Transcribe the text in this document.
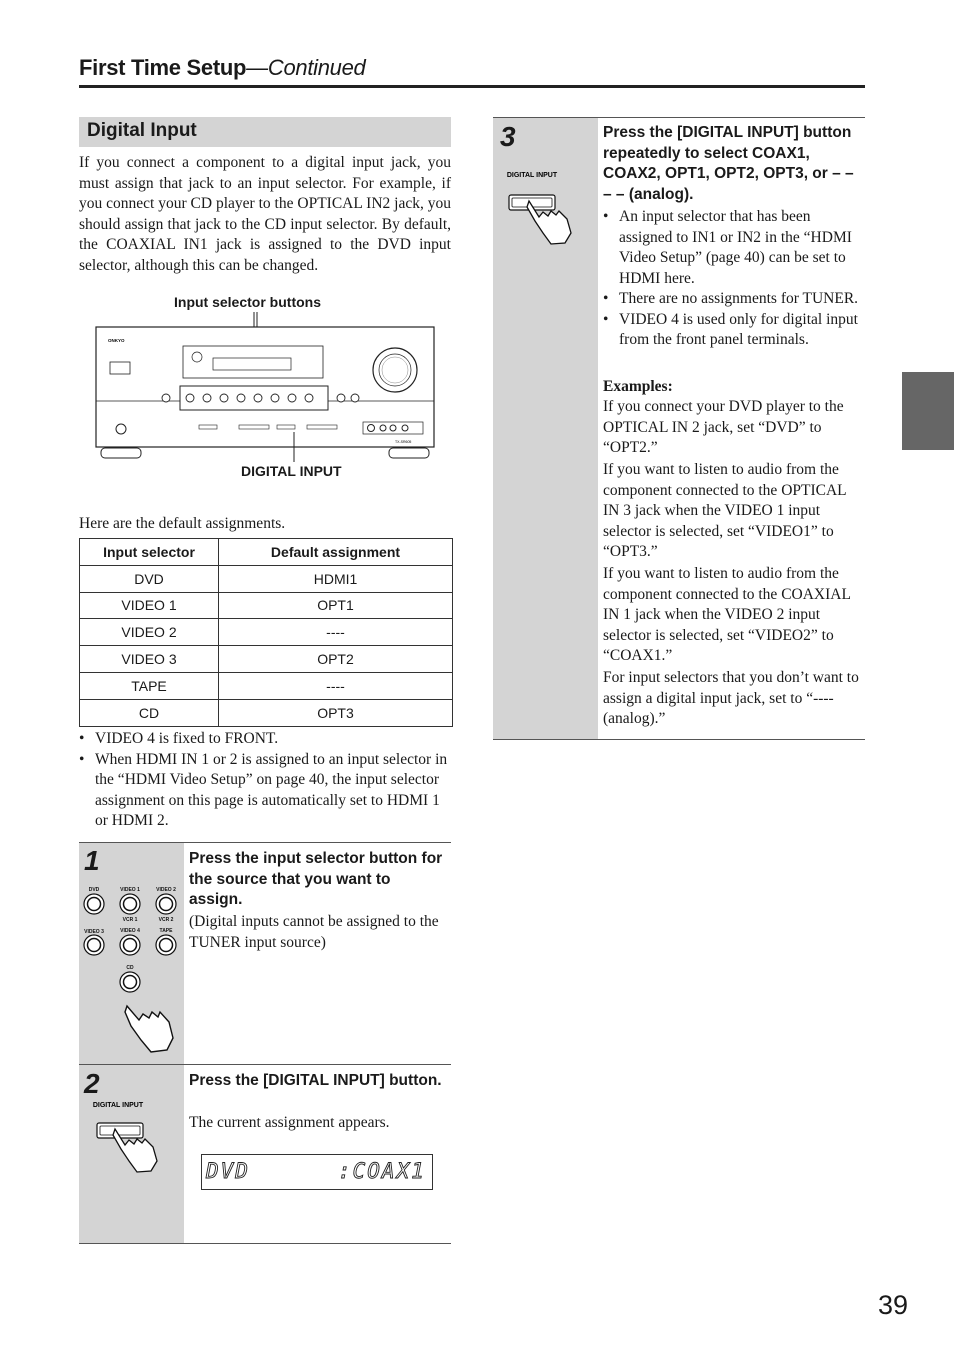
First Time Setup—Continued
Digital Input
If you connect a component to a digital input jack, you must assign that jack to an input selector. For example, if you connect your CD player to the OPTICAL IN2 jack, you should assign that jack to the CD input selector. By default, the COAXIAL IN1 jack is assigned to the DVD input selector, although this can be changed.
Input selector buttons
ONKYO
TX-SR605
DIGITAL INPUT
Here are the default assignments.
Input selector	Default assignment
DVD	HDMI1
VIDEO 1	OPT1
VIDEO 2	----
VIDEO 3	OPT2
TAPE	----
CD	OPT3
• VIDEO 4 is fixed to FRONT.
• When HDMI IN 1 or 2 is assigned to an input selector in the “HDMI Video Setup” on page 40, the input selector assignment on this page is automatically set to HDMI 1 or HDMI 2.
1
DVD	VIDEO 1	VIDEO 2
VCR 1	VCR 2
VIDEO 3	VIDEO 4	TAPE
CD
Press the input selector button for the source that you want to assign.
(Digital inputs cannot be assigned to the TUNER input source)
2
DIGITAL INPUT
Press the [DIGITAL INPUT] button.
The current assignment appears.
DVD	:COAX1
3
DIGITAL INPUT
Press the [DIGITAL INPUT] button repeatedly to select COAX1, COAX2, OPT1, OPT2, OPT3, or – – – – (analog).
• An input selector that has been assigned to IN1 or IN2 in the “HDMI Video Setup” (page 40) can be set to HDMI here.
• There are no assignments for TUNER.
• VIDEO 4 is used only for digital input from the front panel terminals.
Examples:
If you connect your DVD player to the OPTICAL IN 2 jack, set “DVD” to “OPT2.”
If you want to listen to audio from the component connected to the OPTICAL IN 3 jack when the VIDEO 1 input selector is selected, set “VIDEO1” to “OPT3.”
If you want to listen to audio from the component connected to the COAXIAL IN 1 jack when the VIDEO 2 input selector is selected, set “VIDEO2” to “COAX1.”
For input selectors that you don’t want to assign a digital input jack, set to “---- (analog).”
39
